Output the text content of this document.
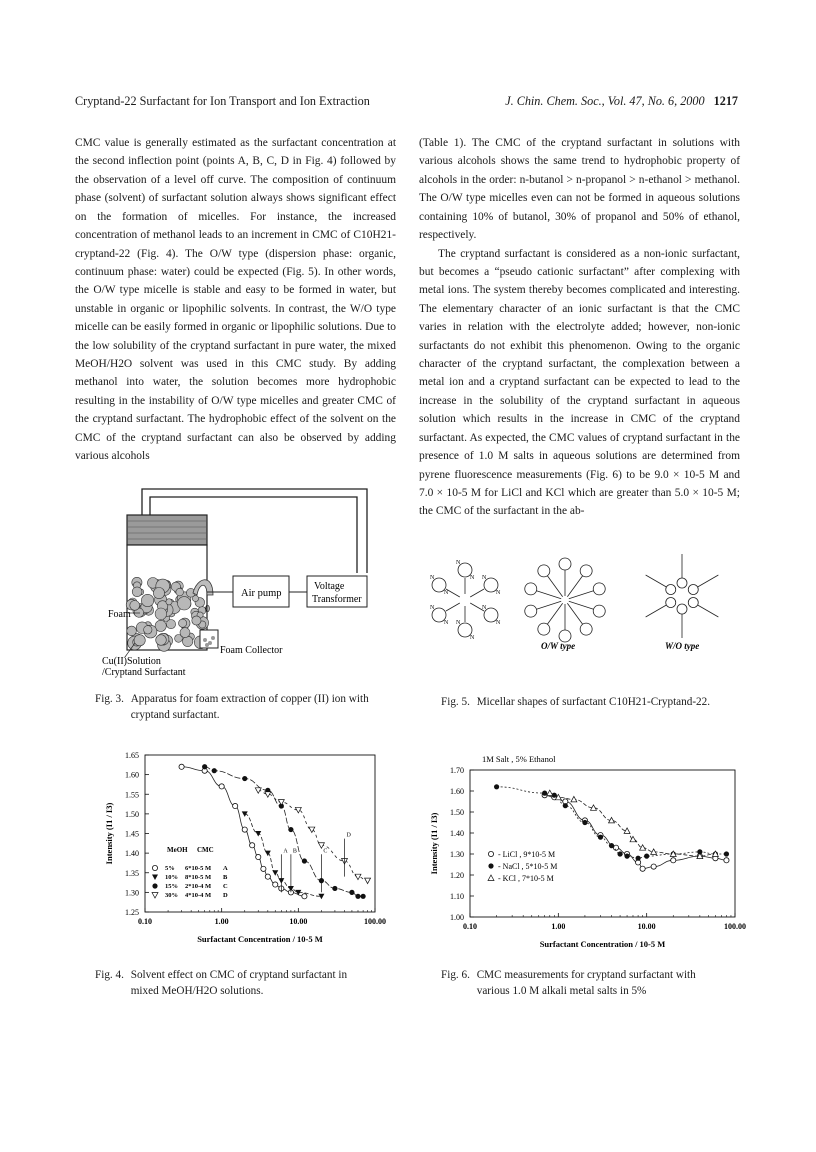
Cryptand-22 Surfactant for Ion Transport and Ion Extraction	J. Chin. Chem. Soc., Vol. 47, No. 6, 2000 1217

CMC value is generally estimated as the surfactant concentration at the second inflection point (points A, B, C, D in Fig. 4) followed by the observation of a level off curve. The composition of continuum phase (solvent) of surfactant solution always shows significant effect on the formation of micelles. For instance, the increased concentration of methanol leads to an increment in CMC of C10H21-cryptand-22 (Fig. 4). The O/W type (dispersion phase: organic, continuum phase: water) could be expected (Fig. 5). In other words, the O/W type micelle is stable and easy to be formed in water, but unstable in organic or lipophilic solvents. In contrast, the W/O type micelle can be easily formed in organic or lipophilic solutions. Due to the low solubility of the cryptand surfactant in pure water, the mixed MeOH/H2O solvent was used in this CMC study. By adding methanol into water, the solution becomes more hydrophobic resulting in the instability of O/W type micelles and greater CMC of the cryptand surfactant. The hydrophobic effect of the solvent on the CMC of the cryptand surfactant can also be observed by adding various alcohols

(Table 1). The CMC of the cryptand surfactant in solutions with various alcohols shows the same trend to hydrophobic property of alcohols in the order: n-butanol > n-propanol > n-ethanol > methanol. The O/W type micelles even can not be formed in aqueous solutions containing 10% of butanol, 30% of propanol and 50% of ethanol, respectively.

The cryptand surfactant is considered as a non-ionic surfactant, but becomes a “pseudo cationic surfactant” after complexing with metal ions. The system thereby becomes complicated and interesting. The elementary character of an ionic surfactant is that the CMC varies in relation with the electrolyte added; however, non-ionic surfactants do not exhibit this phenomenon. Owing to the organic character of the cryptand surfactant, the complexation between a metal ion and a cryptand surfactant can be expected to lead to the increase in the solubility of the cryptand surfactant in aqueous solution which results in the increase in CMC of the cryptand surfactant. As expected, the CMC values of cryptand surfactant in the presence of 1.0 M salts in aqueous solutions are determined from pyrene fluorescence measurements (Fig. 6) to be 9.0 × 10-5 M and 7.0 × 10-5 M for LiCl and KCl which are greater than 5.0 × 10-5 M; the CMC of the surfactant in the ab-

0
Air pump
Voltage
Transformer
Foam
Foam Collector
Cu(II)Solution
/Cryptand Surfactant
Fig. 3. Apparatus for foam extraction of copper (II) ion with cryptand surfactant.
N
N N
N
N
N
N
N
N
N
N
N
O/W type	W/O type
Fig. 5. Micellar shapes of surfactant C10H21-Cryptand-22.
1.25
1.30
1.35
1.40
1.45
1.50
1.55
1.60
1.65
0.10	1.00	10.00	100.00
Surfactant Concentration / 10-5 M
Intensity (I1 / I3)	A B	C
D
MeOH CMC
5% 6*10-5 M A
10% 8*10-5 M B
15% 2*10-4 M C
30% 4*10-4 M D
Fig. 4. Solvent effect on CMC of cryptand surfactant in mixed MeOH/H2O solutions.
1.00
1.10
1.20
1.30
1.40
1.50
1.60
1.70
0.10	1.00	10.00	100.00
Surfactant Concentration / 10-5 M
Intensity (I1 / I3)
1M Salt , 5% Ethanol
- LiCl , 9*10-5 M
- NaCl , 5*10-5 M
- KCl , 7*10-5 M
Fig. 6. CMC measurements for cryptand surfactant with various 1.0 M alkali metal salts in 5%
